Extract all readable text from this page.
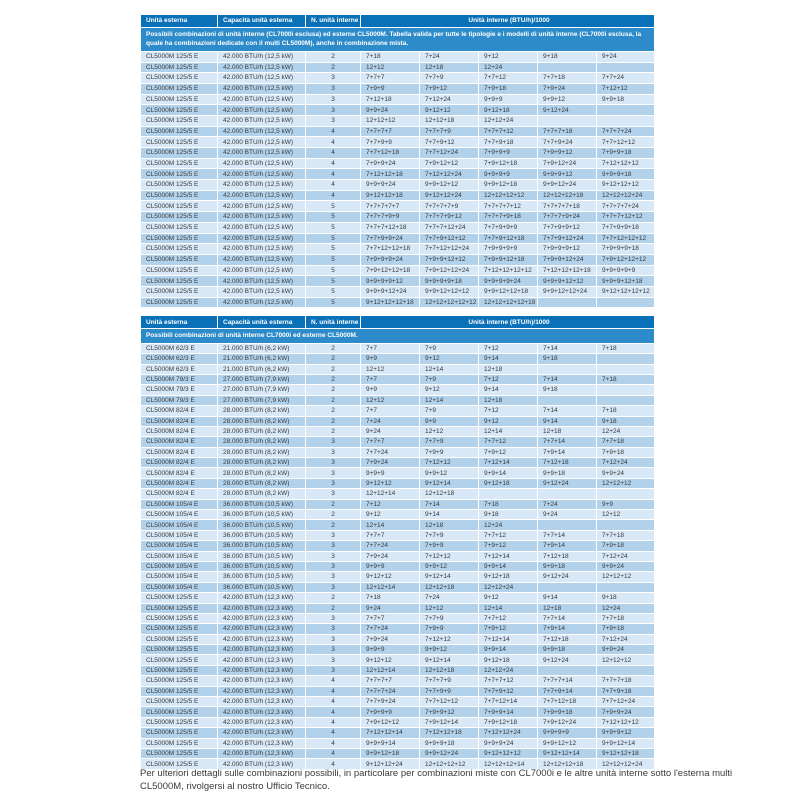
Unità esterna	Capacità unità esterna	N. unità interne	Unità interne (BTU/h)/1000				
Possibili combinazioni di unità interne (CL7000i esclusa) ed esterne CL5000M. Tabella valida per tutte le tipologie e i modelli di unità interne (CL7000i esclusa, la quale ha combinazioni dedicate con il multi CL5000M), anche in combinazione mista.							
CL5000M 125/5 E	42.000 BTU/h (12,5 kW)	2	7+18	7+24	9+12	9+18	9+24
CL5000M 125/5 E	42.000 BTU/h (12,5 kW)	2	12+12	12+18	12+24		
CL5000M 125/5 E	42.000 BTU/h (12,5 kW)	3	7+7+7	7+7+9	7+7+12	7+7+18	7+7+24
CL5000M 125/5 E	42.000 BTU/h (12,5 kW)	3	7+9+9	7+9+12	7+9+18	7+9+24	7+12+12
CL5000M 125/5 E	42.000 BTU/h (12,5 kW)	3	7+12+18	7+12+24	9+9+9	9+9+12	9+9+18
CL5000M 125/5 E	42.000 BTU/h (12,5 kW)	3	9+9+24	9+12+12	9+12+18	9+12+24	
CL5000M 125/5 E	42.000 BTU/h (12,5 kW)	3	12+12+12	12+12+18	12+12+24		
CL5000M 125/5 E	42.000 BTU/h (12,5 kW)	4	7+7+7+7	7+7+7+9	7+7+7+12	7+7+7+18	7+7+7+24
CL5000M 125/5 E	42.000 BTU/h (12,5 kW)	4	7+7+9+9	7+7+9+12	7+7+9+18	7+7+9+24	7+7+12+12
CL5000M 125/5 E	42.000 BTU/h (12,5 kW)	4	7+7+12+18	7+7+12+24	7+9+9+9	7+9+9+12	7+9+9+18
CL5000M 125/5 E	42.000 BTU/h (12,5 kW)	4	7+9+9+24	7+9+12+12	7+9+12+18	7+9+12+24	7+12+12+12
CL5000M 125/5 E	42.000 BTU/h (12,5 kW)	4	7+12+12+18	7+12+12+24	9+9+9+9	9+9+9+12	9+9+9+18
CL5000M 125/5 E	42.000 BTU/h (12,5 kW)	4	9+9+9+24	9+9+12+12	9+9+12+18	9+9+12+24	9+12+12+12
CL5000M 125/5 E	42.000 BTU/h (12,5 kW)	4	9+12+12+18	9+12+12+24	12+12+12+12	12+12+12+18	12+12+12+24
CL5000M 125/5 E	42.000 BTU/h (12,5 kW)	5	7+7+7+7+7	7+7+7+7+9	7+7+7+7+12	7+7+7+7+18	7+7+7+7+24
CL5000M 125/5 E	42.000 BTU/h (12,5 kW)	5	7+7+7+9+9	7+7+7+9+12	7+7+7+9+18	7+7+7+9+24	7+7+7+12+12
CL5000M 125/5 E	42.000 BTU/h (12,5 kW)	5	7+7+7+12+18	7+7+7+12+24	7+7+9+9+9	7+7+9+9+12	7+7+9+9+18
CL5000M 125/5 E	42.000 BTU/h (12,5 kW)	5	7+7+9+9+24	7+7+9+12+12	7+7+9+12+18	7+7+9+12+24	7+7+12+12+12
CL5000M 125/5 E	42.000 BTU/h (12,5 kW)	5	7+7+12+12+18	7+7+12+12+24	7+9+9+9+9	7+9+9+9+12	7+9+9+9+18
CL5000M 125/5 E	42.000 BTU/h (12,5 kW)	5	7+9+9+9+24	7+9+9+12+12	7+9+9+12+18	7+9+9+12+24	7+9+12+12+12
CL5000M 125/5 E	42.000 BTU/h (12,5 kW)	5	7+9+12+12+18	7+9+12+12+24	7+12+12+12+12	7+12+12+12+18	9+9+9+9+9
CL5000M 125/5 E	42.000 BTU/h (12,5 kW)	5	9+9+9+9+12	9+9+9+9+18	9+9+9+9+24	9+9+9+12+12	9+9+9+12+18
CL5000M 125/5 E	42.000 BTU/h (12,5 kW)	5	9+9+9+12+24	9+9+12+12+12	9+9+12+12+18	9+9+12+12+24	9+12+12+12+12
CL5000M 125/5 E	42.000 BTU/h (12,5 kW)	5	9+12+12+12+18	12+12+12+12+12	12+12+12+12+18		
Unità esterna	Capacità unità esterna	N. unità interne	Unità interne (BTU/h)/1000				
Possibili combinazioni di unità interne CL7000i ed esterne CL5000M.							
CL5000M 62/3 E	21.000 BTU/h (6,2 kW)	2	7+7	7+9	7+12	7+14	7+18
CL5000M 62/3 E	21.000 BTU/h (6,2 kW)	2	9+9	9+12	9+14	9+18	
CL5000M 62/3 E	21.000 BTU/h (6,2 kW)	2	12+12	12+14	12+18		
CL5000M 79/3 E	27.000 BTU/h (7,9 kW)	2	7+7	7+9	7+12	7+14	7+18
CL5000M 79/3 E	27.000 BTU/h (7,9 kW)	2	9+9	9+12	9+14	9+18	
CL5000M 79/3 E	27.000 BTU/h (7,9 kW)	2	12+12	12+14	12+18		
CL5000M 82/4 E	28.000 BTU/h (8,2 kW)	2	7+7	7+9	7+12	7+14	7+18
CL5000M 82/4 E	28.000 BTU/h (8,2 kW)	2	7+24	9+9	9+12	9+14	9+18
CL5000M 82/4 E	28.000 BTU/h (8,2 kW)	2	9+24	12+12	12+14	12+18	12+24
CL5000M 82/4 E	28.000 BTU/h (8,2 kW)	3	7+7+7	7+7+9	7+7+12	7+7+14	7+7+18
CL5000M 82/4 E	28.000 BTU/h (8,2 kW)	3	7+7+24	7+9+9	7+9+12	7+9+14	7+9+18
CL5000M 82/4 E	28.000 BTU/h (8,2 kW)	3	7+9+24	7+12+12	7+12+14	7+12+18	7+12+24
CL5000M 82/4 E	28.000 BTU/h (8,2 kW)	3	9+9+9	9+9+12	9+9+14	9+9+18	9+9+24
CL5000M 82/4 E	28.000 BTU/h (8,2 kW)	3	9+12+12	9+12+14	9+12+18	9+12+24	12+12+12
CL5000M 82/4 E	28.000 BTU/h (8,2 kW)	3	12+12+14	12+12+18			
CL5000M 105/4 E	36.000 BTU/h (10,5 kW)	2	7+12	7+14	7+18	7+24	9+9
CL5000M 105/4 E	36.000 BTU/h (10,5 kW)	2	9+12	9+14	9+18	9+24	12+12
CL5000M 105/4 E	36.000 BTU/h (10,5 kW)	2	12+14	12+18	12+24		
CL5000M 105/4 E	36.000 BTU/h (10,5 kW)	3	7+7+7	7+7+9	7+7+12	7+7+14	7+7+18
CL5000M 105/4 E	36.000 BTU/h (10,5 kW)	3	7+7+24	7+9+9	7+9+12	7+9+14	7+9+18
CL5000M 105/4 E	36.000 BTU/h (10,5 kW)	3	7+9+24	7+12+12	7+12+14	7+12+18	7+12+24
CL5000M 105/4 E	36.000 BTU/h (10,5 kW)	3	9+9+9	9+9+12	9+9+14	9+9+18	9+9+24
CL5000M 105/4 E	36.000 BTU/h (10,5 kW)	3	9+12+12	9+12+14	9+12+18	9+12+24	12+12+12
CL5000M 105/4 E	36.000 BTU/h (10,5 kW)	3	12+12+14	12+12+18	12+12+24		
CL5000M 125/5 E	42.000 BTU/h (12,3 kW)	2	7+18	7+24	9+12	9+14	9+18
CL5000M 125/5 E	42.000 BTU/h (12,3 kW)	2	9+24	12+12	12+14	12+18	12+24
CL5000M 125/5 E	42.000 BTU/h (12,3 kW)	3	7+7+7	7+7+9	7+7+12	7+7+14	7+7+18
CL5000M 125/5 E	42.000 BTU/h (12,3 kW)	3	7+7+24	7+9+9	7+9+12	7+9+14	7+9+18
CL5000M 125/5 E	42.000 BTU/h (12,3 kW)	3	7+9+24	7+12+12	7+12+14	7+12+18	7+12+24
CL5000M 125/5 E	42.000 BTU/h (12,3 kW)	3	9+9+9	9+9+12	9+9+14	9+9+18	9+9+24
CL5000M 125/5 E	42.000 BTU/h (12,3 kW)	3	9+12+12	9+12+14	9+12+18	9+12+24	12+12+12
CL5000M 125/5 E	42.000 BTU/h (12,3 kW)	3	12+12+14	12+12+18	12+12+24		
CL5000M 125/5 E	42.000 BTU/h (12,3 kW)	4	7+7+7+7	7+7+7+9	7+7+7+12	7+7+7+14	7+7+7+18
CL5000M 125/5 E	42.000 BTU/h (12,3 kW)	4	7+7+7+24	7+7+9+9	7+7+9+12	7+7+9+14	7+7+9+18
CL5000M 125/5 E	42.000 BTU/h (12,3 kW)	4	7+7+9+24	7+7+12+12	7+7+12+14	7+7+12+18	7+7+12+24
CL5000M 125/5 E	42.000 BTU/h (12,3 kW)	4	7+9+9+9	7+9+9+12	7+9+9+14	7+9+9+18	7+9+9+24
CL5000M 125/5 E	42.000 BTU/h (12,3 kW)	4	7+9+12+12	7+9+12+14	7+9+12+18	7+9+12+24	7+12+12+12
CL5000M 125/5 E	42.000 BTU/h (12,3 kW)	4	7+12+12+14	7+12+12+18	7+12+12+24	9+9+9+9	9+9+9+12
CL5000M 125/5 E	42.000 BTU/h (12,3 kW)	4	9+9+9+14	9+9+9+18	9+9+9+24	9+9+12+12	9+9+12+14
CL5000M 125/5 E	42.000 BTU/h (12,3 kW)	4	9+9+12+18	9+9+12+24	9+12+12+12	9+12+12+14	9+12+12+18
CL5000M 125/5 E	42.000 BTU/h (12,3 kW)	4	9+12+12+24	12+12+12+12	12+12+12+14	12+12+12+18	12+12+12+24

Per ulteriori dettagli sulle combinazioni possibili, in particolare per combinazioni miste con CL7000i e le altre unità interne sotto l'esterna multi CL5000M, rivolgersi al nostro Ufficio Tecnico.
